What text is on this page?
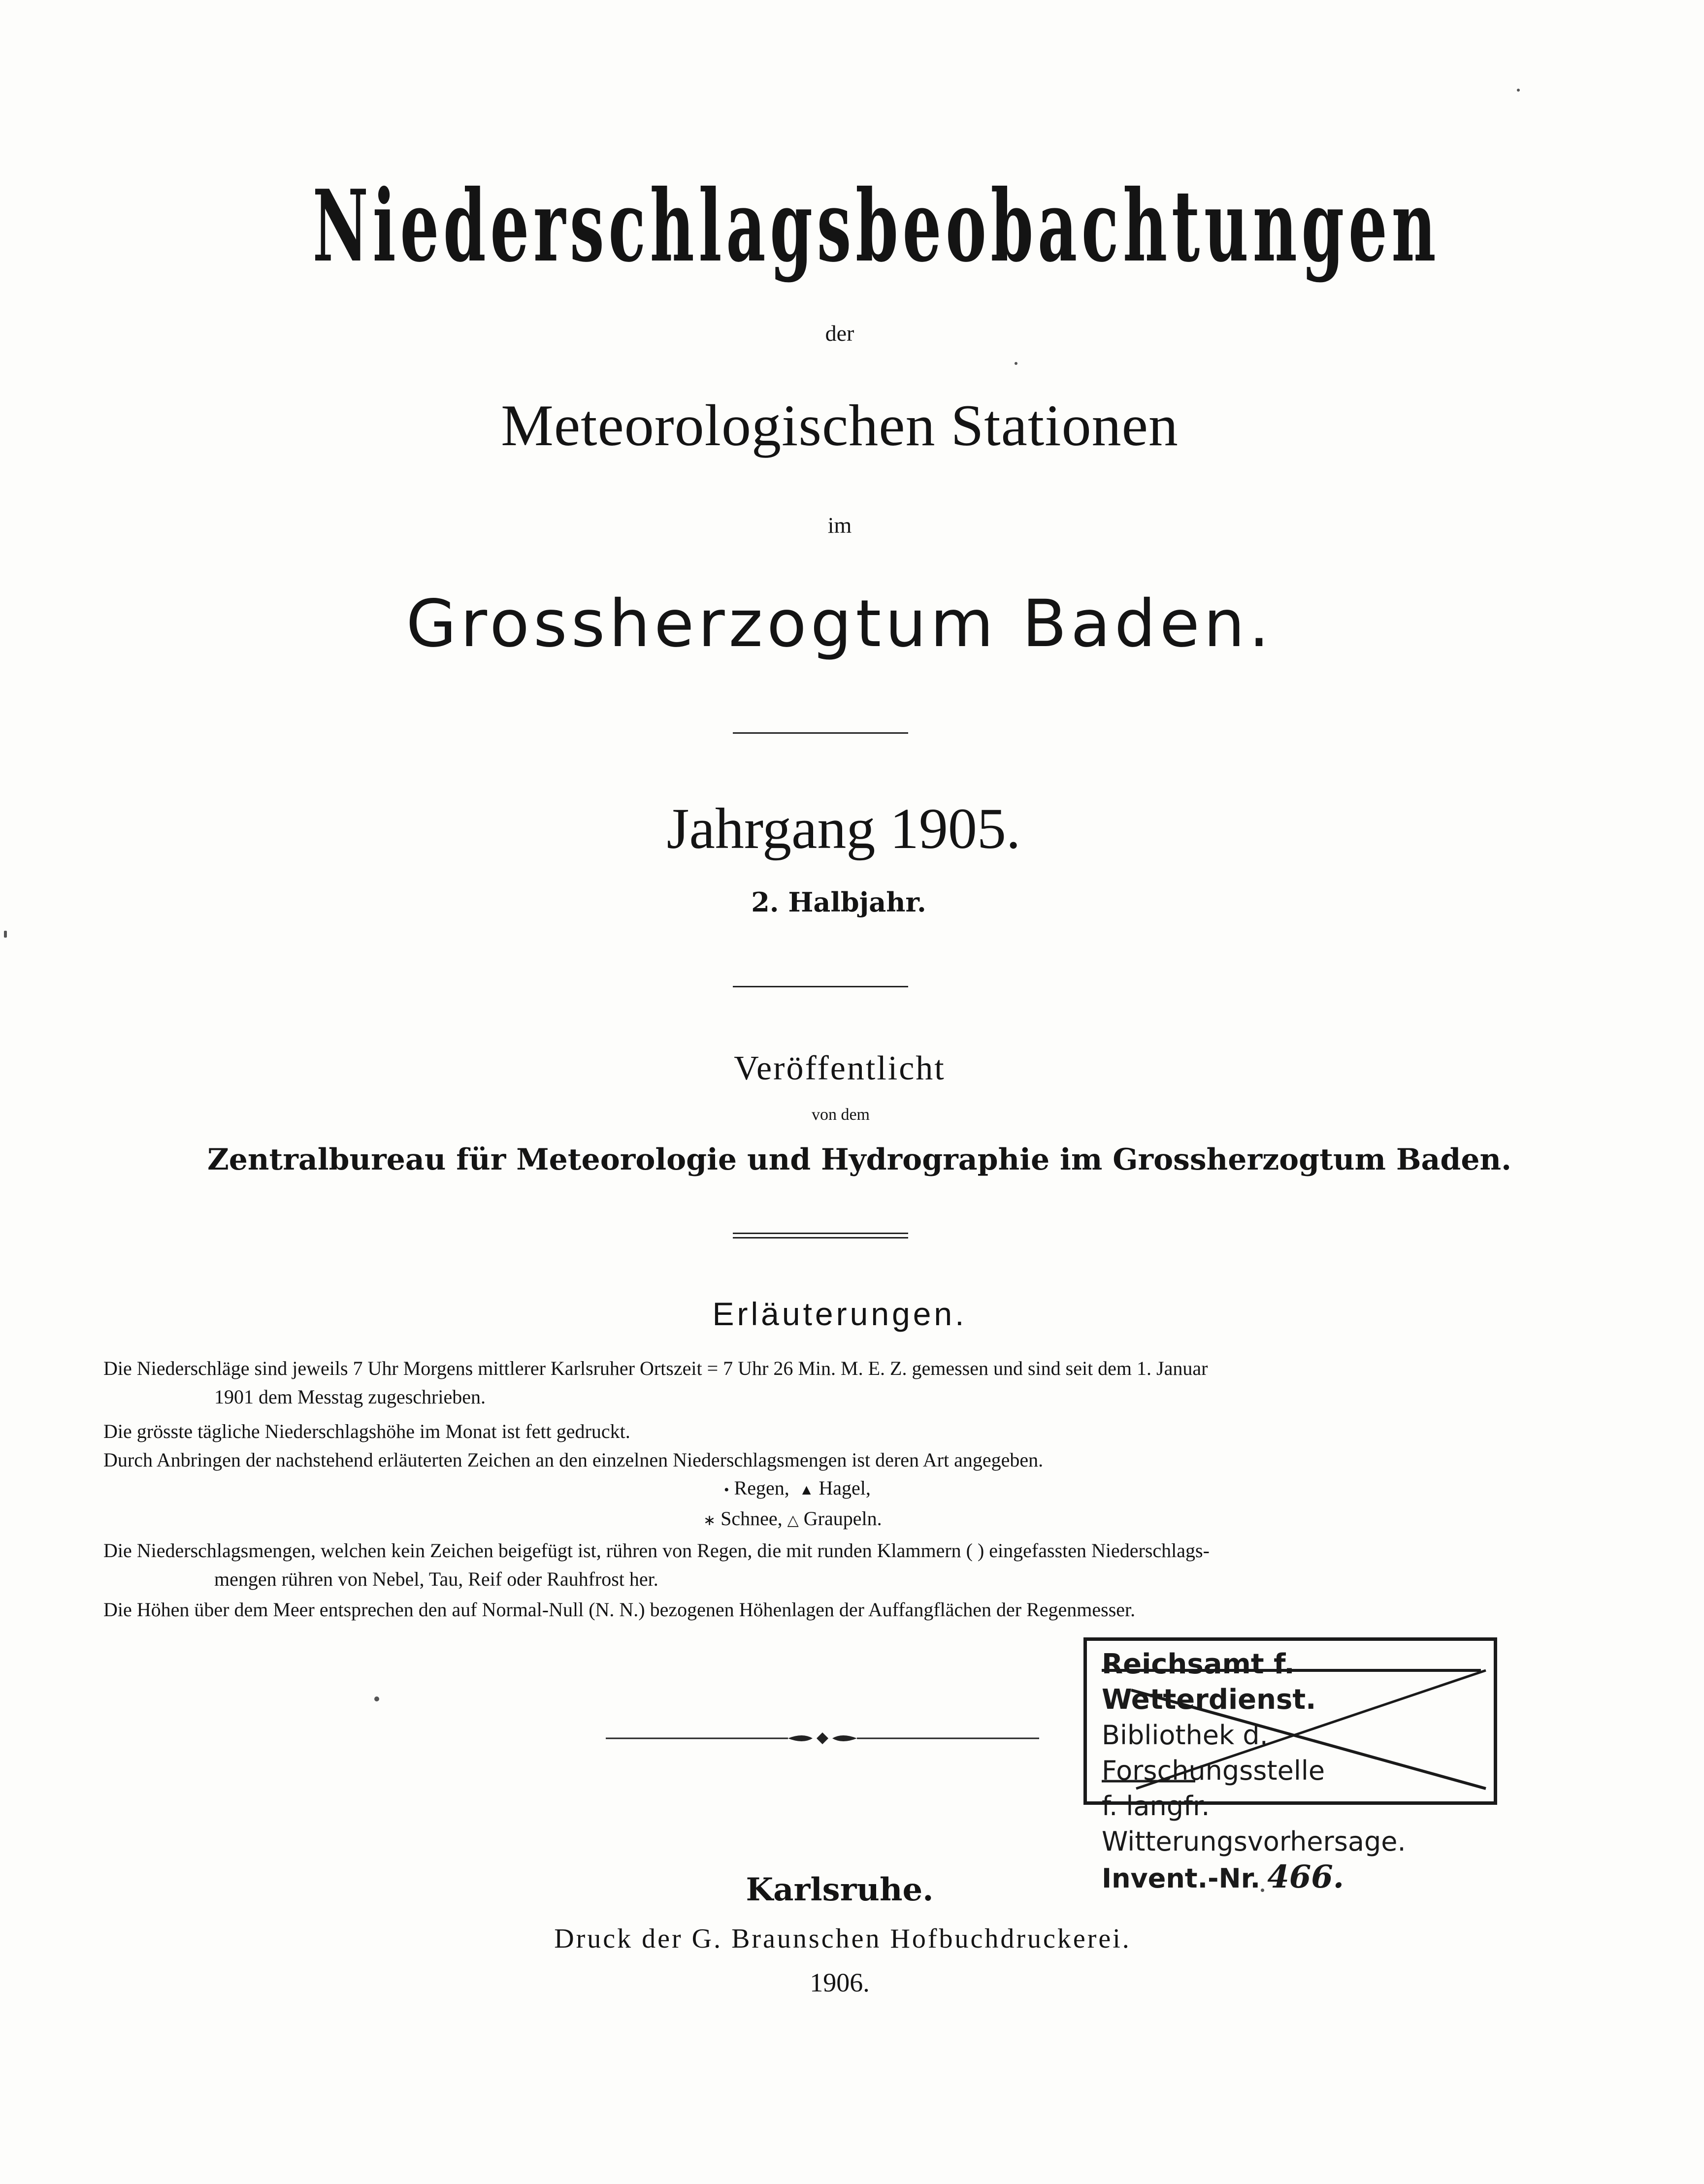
Niederschlagsbeobachtungen
der
Meteorologischen Stationen
im
Grossherzogtum Baden.
Jahrgang 1905.
2. Halbjahr.
Veröffentlicht
von dem
Zentralbureau für Meteorologie und Hydrographie im Grossherzogtum Baden.
Erläuterungen.

Die Niederschläge sind jeweils 7 Uhr Morgens mittlerer Karlsruher Ortszeit = 7 Uhr 26 Min. M. E. Z. gemessen und sind seit dem 1. Januar

1901 dem Messtag zugeschrieben.

Die grösste tägliche Niederschlagshöhe im Monat ist fett gedruckt.

Durch Anbringen der nachstehend erläuterten Zeichen an den einzelnen Niederschlagsmengen ist deren Art angegeben.

• Regen, ▲ Hagel,
∗ Schnee, △ Graupeln.

Die Niederschlagsmengen, welchen kein Zeichen beigefügt ist, rühren von Regen, die mit runden Klammern ( ) eingefassten Niederschlags-

mengen rühren von Nebel, Tau, Reif oder Rauhfrost her.

Die Höhen über dem Meer entsprechen den auf Normal-Null (N. N.) bezogenen Höhenlagen der Auffangflächen der Regenmesser.

Reichsamt f. Wetterdienst.
Bibliothek d. Forschungsstelle
f. langfr. Witterungsvorhersage.
Invent.-Nr. 466.
Karlsruhe.
Druck der G. Braunschen Hofbuchdruckerei.
1906.
